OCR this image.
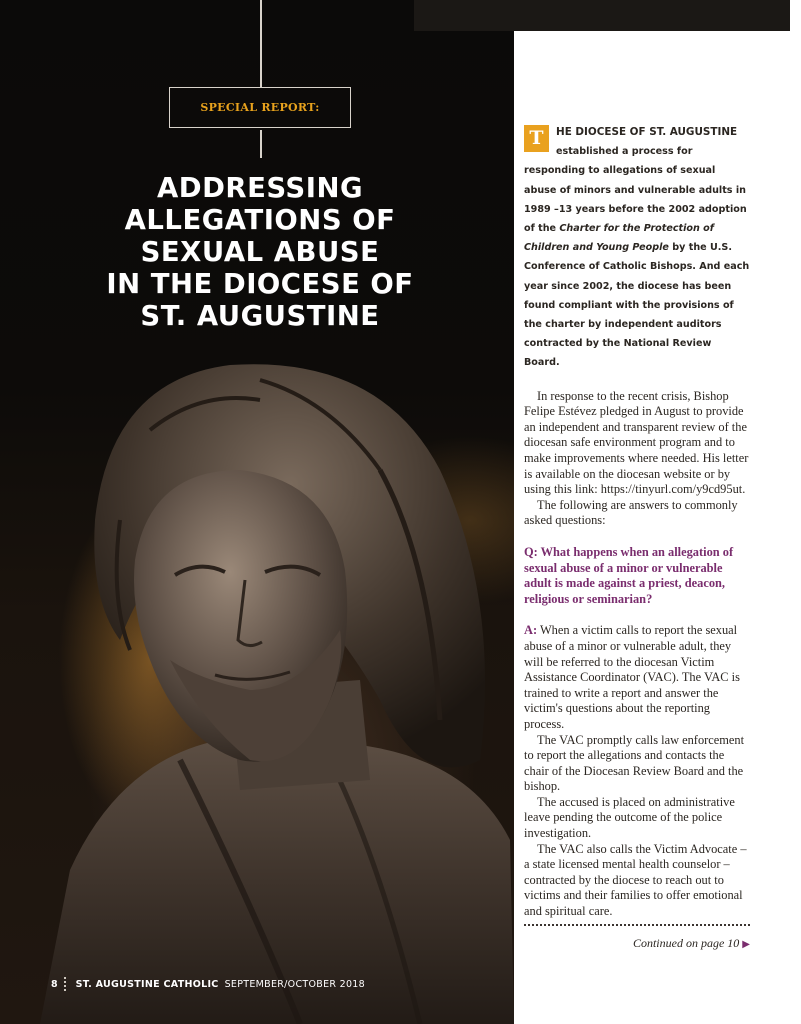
SPECIAL REPORT:
ADDRESSING
ALLEGATIONS OF
SEXUAL ABUSE
IN THE DIOCESE OF
ST. AUGUSTINE
8 ST. AUGUSTINE CATHOLIC SEPTEMBER/OCTOBER 2018

T	HE DIOCESE OF ST. AUGUSTINE established a process for responding to allegations of sexual abuse of minors and vulnerable adults in 1989 –13 years before the 2002 adoption of the Charter for the Protection of Children and Young People by the U.S. Conference of Catholic Bishops. And each year since 2002, the diocese has been found compliant with the provisions of the charter by independent auditors contracted by the National Review Board.

In response to the recent crisis, Bishop Felipe Estévez pledged in August to provide an independent and transparent review of the diocesan safe environment program and to make improvements where needed. His letter is available on the diocesan website or by using this link: https://tinyurl.com/y9cd95ut.

The following are answers to commonly asked questions:

Q: What happens when an allegation of sexual abuse of a minor or vulnerable adult is made against a priest, deacon, religious or seminarian?

A: When a victim calls to report the sexual abuse of a minor or vulnerable adult, they will be referred to the diocesan Victim Assistance Coordinator (VAC). The VAC is trained to write a report and answer the victim's questions about the reporting process.

The VAC promptly calls law enforcement to report the allegations and contacts the chair of the Diocesan Review Board and the bishop.

The accused is placed on administrative leave pending the outcome of the police investigation.

The VAC also calls the Victim Advocate – a state licensed mental health counselor – contracted by the diocese to reach out to victims and their families to offer emotional and spiritual care.

Continued on page 10 ▶
